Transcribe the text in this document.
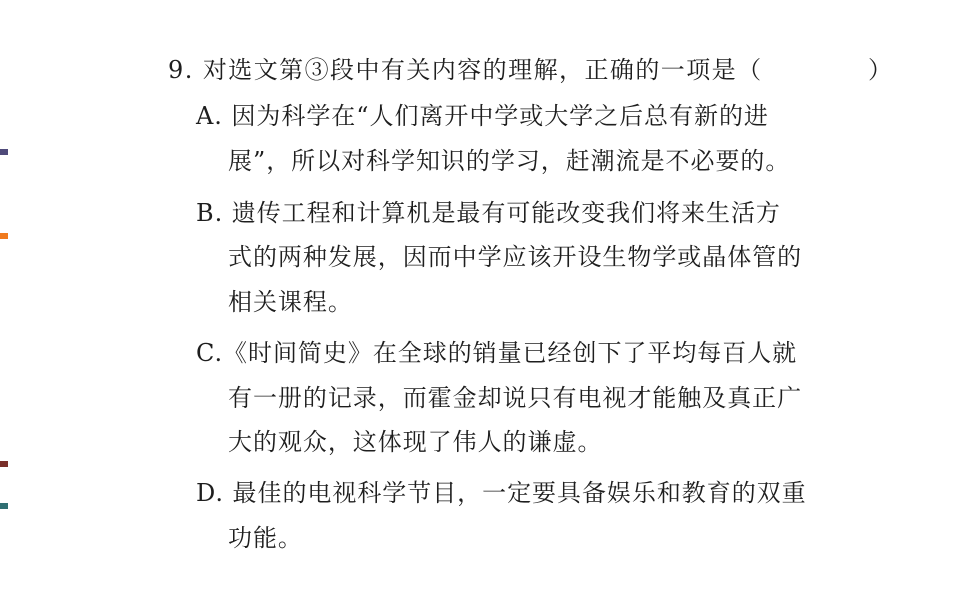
9. 对选文第③段中有关内容的理解，正确的一项是（	）
A. 因为科学在“人们离开中学或大学之后总有新的进
展”，所以对科学知识的学习，赶潮流是不必要的。
B. 遗传工程和计算机是最有可能改变我们将来生活方
式的两种发展，因而中学应该开设生物学或晶体管的
相关课程。
C.《时间简史》在全球的销量已经创下了平均每百人就
有一册的记录，而霍金却说只有电视才能触及真正广
大的观众，这体现了伟人的谦虚。
D. 最佳的电视科学节目，一定要具备娱乐和教育的双重
功能。
